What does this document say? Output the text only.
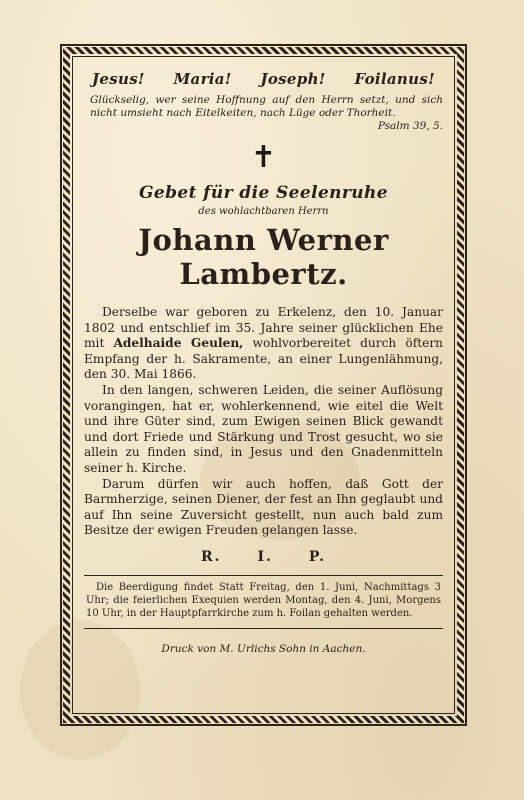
Jesus! Maria! Joseph! Foilanus!
Glückselig, wer seine Hoffnung auf den Herrn setzt, und sich nicht umsieht nach Eitelkeiten, nach Lüge oder Thorheit.
Psalm 39, 5.
✝
Gebet für die Seelenruhe
des wohlachtbaren Herrn
Johann Werner Lambertz.

Derselbe war geboren zu Erkelenz, den 10. Januar 1802 und entschlief im 35. Jahre seiner glücklichen Ehe mit Adelhaide Geulen, wohlvorbereitet durch öftern Empfang der h. Sakramente, an einer Lungenlähmung, den 30. Mai 1866.

In den langen, schweren Leiden, die seiner Auflösung vorangingen, hat er, wohlerkennend, wie eitel die Welt und ihre Güter sind, zum Ewigen seinen Blick gewandt und dort Friede und Stärkung und Trost gesucht, wo sie allein zu finden sind, in Jesus und den Gnadenmitteln seiner h. Kirche.

Darum dürfen wir auch hoffen, daß Gott der Barmherzige, seinen Diener, der fest an Ihn geglaubt und auf Ihn seine Zuversicht gestellt, nun auch bald zum Besitze der ewigen Freuden gelangen lasse.

R.	I.	P.
Die Beerdigung findet Statt Freitag, den 1. Juni, Nachmittags 3 Uhr; die feierlichen Exequien werden Montag, den 4. Juni, Morgens 10 Uhr, in der Hauptpfarrkirche zum h. Foilan gehalten werden.
Druck von M. Urlichs Sohn in Aachen.
